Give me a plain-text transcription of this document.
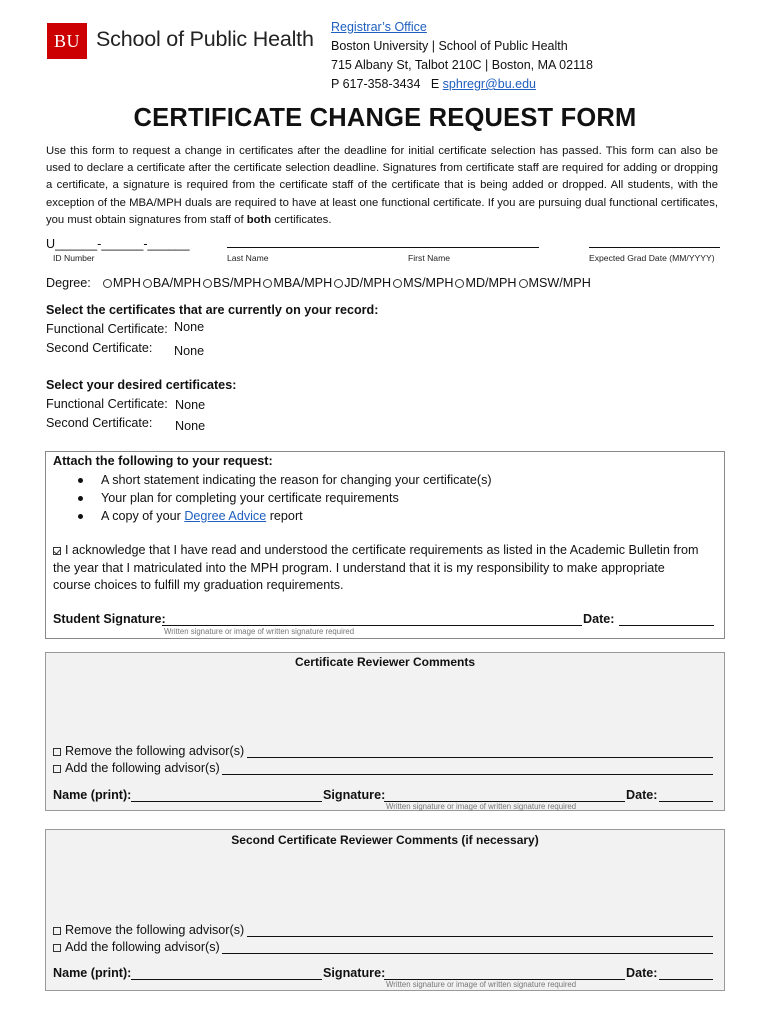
BU School of Public Health Registrar’s Office
Boston University | School of Public Health
715 Albany St, Talbot 210C | Boston, MA 02118
P 617-358-3434   E sphregr@bu.edu
CERTIFICATE CHANGE REQUEST FORM
Use this form to request a change in certificates after the deadline for initial certificate selection has passed. This form can also be used to declare a certificate after the certificate selection deadline. Signatures from certificate staff are required for adding or dropping a certificate, a signature is required from the certificate staff of the certificate that is being added or dropped. All students, with the exception of the MBA/MPH duals are required to have at least one functional certificate. If you are pursuing dual functional certificates, you must obtain signatures from staff of both certificates.
U______-______-______
ID Number	Last Name	First Name	Expected Grad Date (MM/YYYY)
Degree: MPH BA/MPH BS/MPH MBA/MPH JD/MPH MS/MPH MD/MPH MSW/MPH
Select the certificates that are currently on your record:
Functional Certificate: None
Second Certificate: None
Select your desired certificates:
Functional Certificate: None
Second Certificate: None
Attach the following to your request:
A short statement indicating the reason for changing your certificate(s)
Your plan for completing your certificate requirements
A copy of your Degree Advice report
I acknowledge that I have read and understood the certificate requirements as listed in the Academic Bulletin from
the year that I matriculated into the MPH program. I understand that it is my responsibility to make appropriate
course choices to fulfill my graduation requirements.
Student Signature:
Written signature or image of written signature required
Date:
Certificate Reviewer Comments
Remove the following advisor(s)
Add the following advisor(s)
Name (print):	Signature:
Written signature or image of written signature required
Date:
Second Certificate Reviewer Comments (if necessary)
Remove the following advisor(s)
Add the following advisor(s)
Name (print):	Signature:
Written signature or image of written signature required
Date:
